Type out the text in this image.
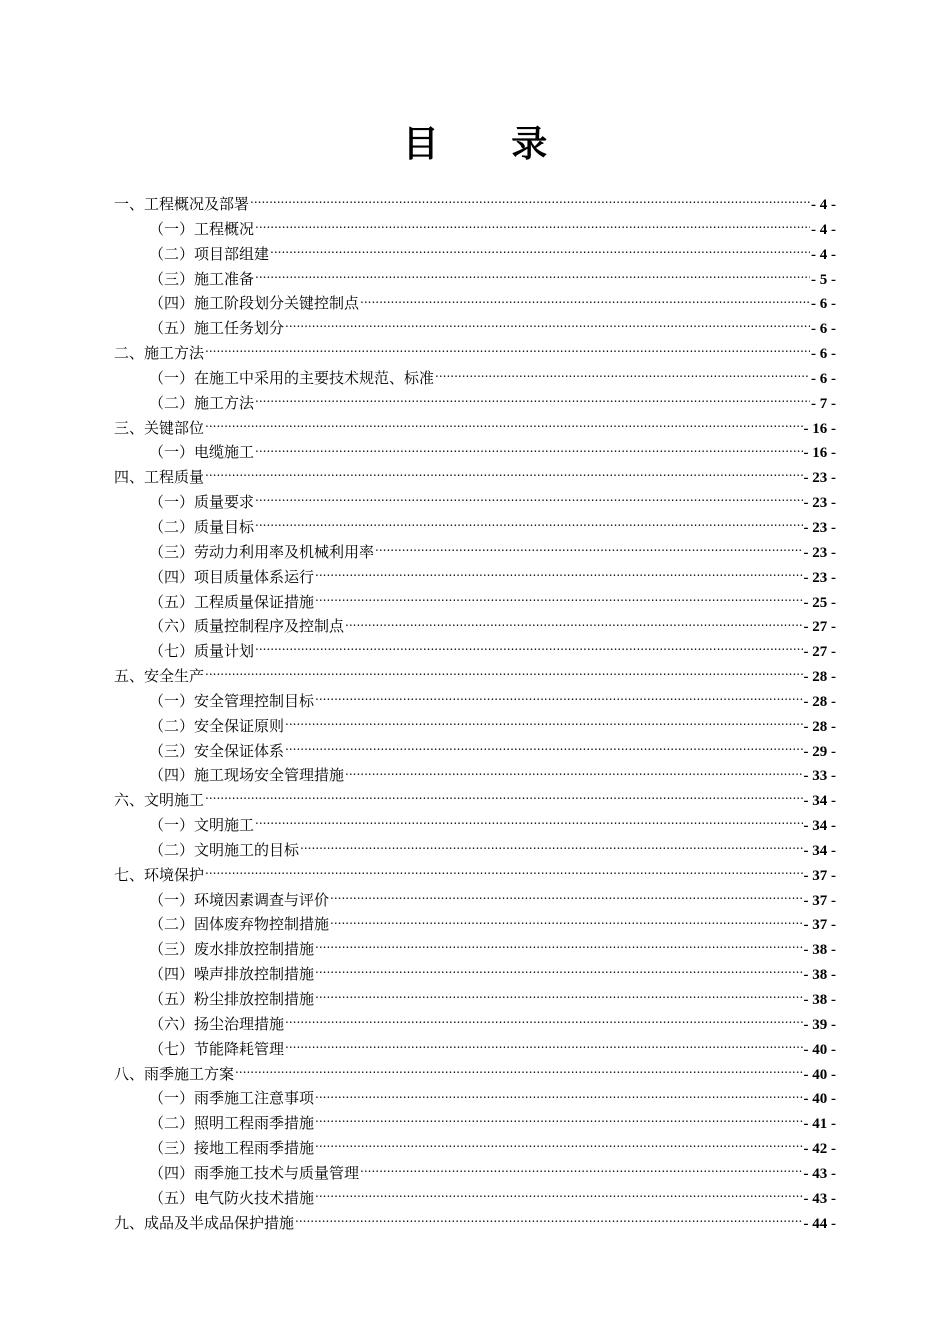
目 录
一、工程概况及部署 .....	- 4 -
（一）工程概况 .....	- 4 -
（二）项目部组建 .....	- 4 -
（三）施工准备 .....	- 5 -
（四）施工阶段划分关键控制点 .....	- 6 -
（五）施工任务划分 .....	- 6 -
二、施工方法 .....	- 6 -
（一）在施工中采用的主要技术规范、标准 .....	- 6 -
（二）施工方法 .....	- 7 -
三、关键部位 .....	- 16 -
（一）电缆施工 .....	- 16 -
四、工程质量 .....	- 23 -
（一）质量要求 .....	- 23 -
（二）质量目标 .....	- 23 -
（三）劳动力利用率及机械利用率 .....	- 23 -
（四）项目质量体系运行 .....	- 23 -
（五）工程质量保证措施 .....	- 25 -
（六）质量控制程序及控制点 .....	- 27 -
（七）质量计划 .....	- 27 -
五、安全生产 .....	- 28 -
（一）安全管理控制目标 .....	- 28 -
（二）安全保证原则 .....	- 28 -
（三）安全保证体系 .....	- 29 -
（四）施工现场安全管理措施 .....	- 33 -
六、文明施工 .....	- 34 -
（一）文明施工 .....	- 34 -
（二）文明施工的目标 .....	- 34 -
七、环境保护 .....	- 37 -
（一）环境因素调查与评价 .....	- 37 -
（二）固体废弃物控制措施 .....	- 37 -
（三）废水排放控制措施 .....	- 38 -
（四）噪声排放控制措施 .....	- 38 -
（五）粉尘排放控制措施 .....	- 38 -
（六）扬尘治理措施 .....	- 39 -
（七）节能降耗管理 .....	- 40 -
八、雨季施工方案 .....	- 40 -
（一）雨季施工注意事项 .....	- 40 -
（二）照明工程雨季措施 .....	- 41 -
（三）接地工程雨季措施 .....	- 42 -
（四）雨季施工技术与质量管理 .....	- 43 -
（五）电气防火技术措施 .....	- 43 -
九、成品及半成品保护措施 .....	- 44 -
